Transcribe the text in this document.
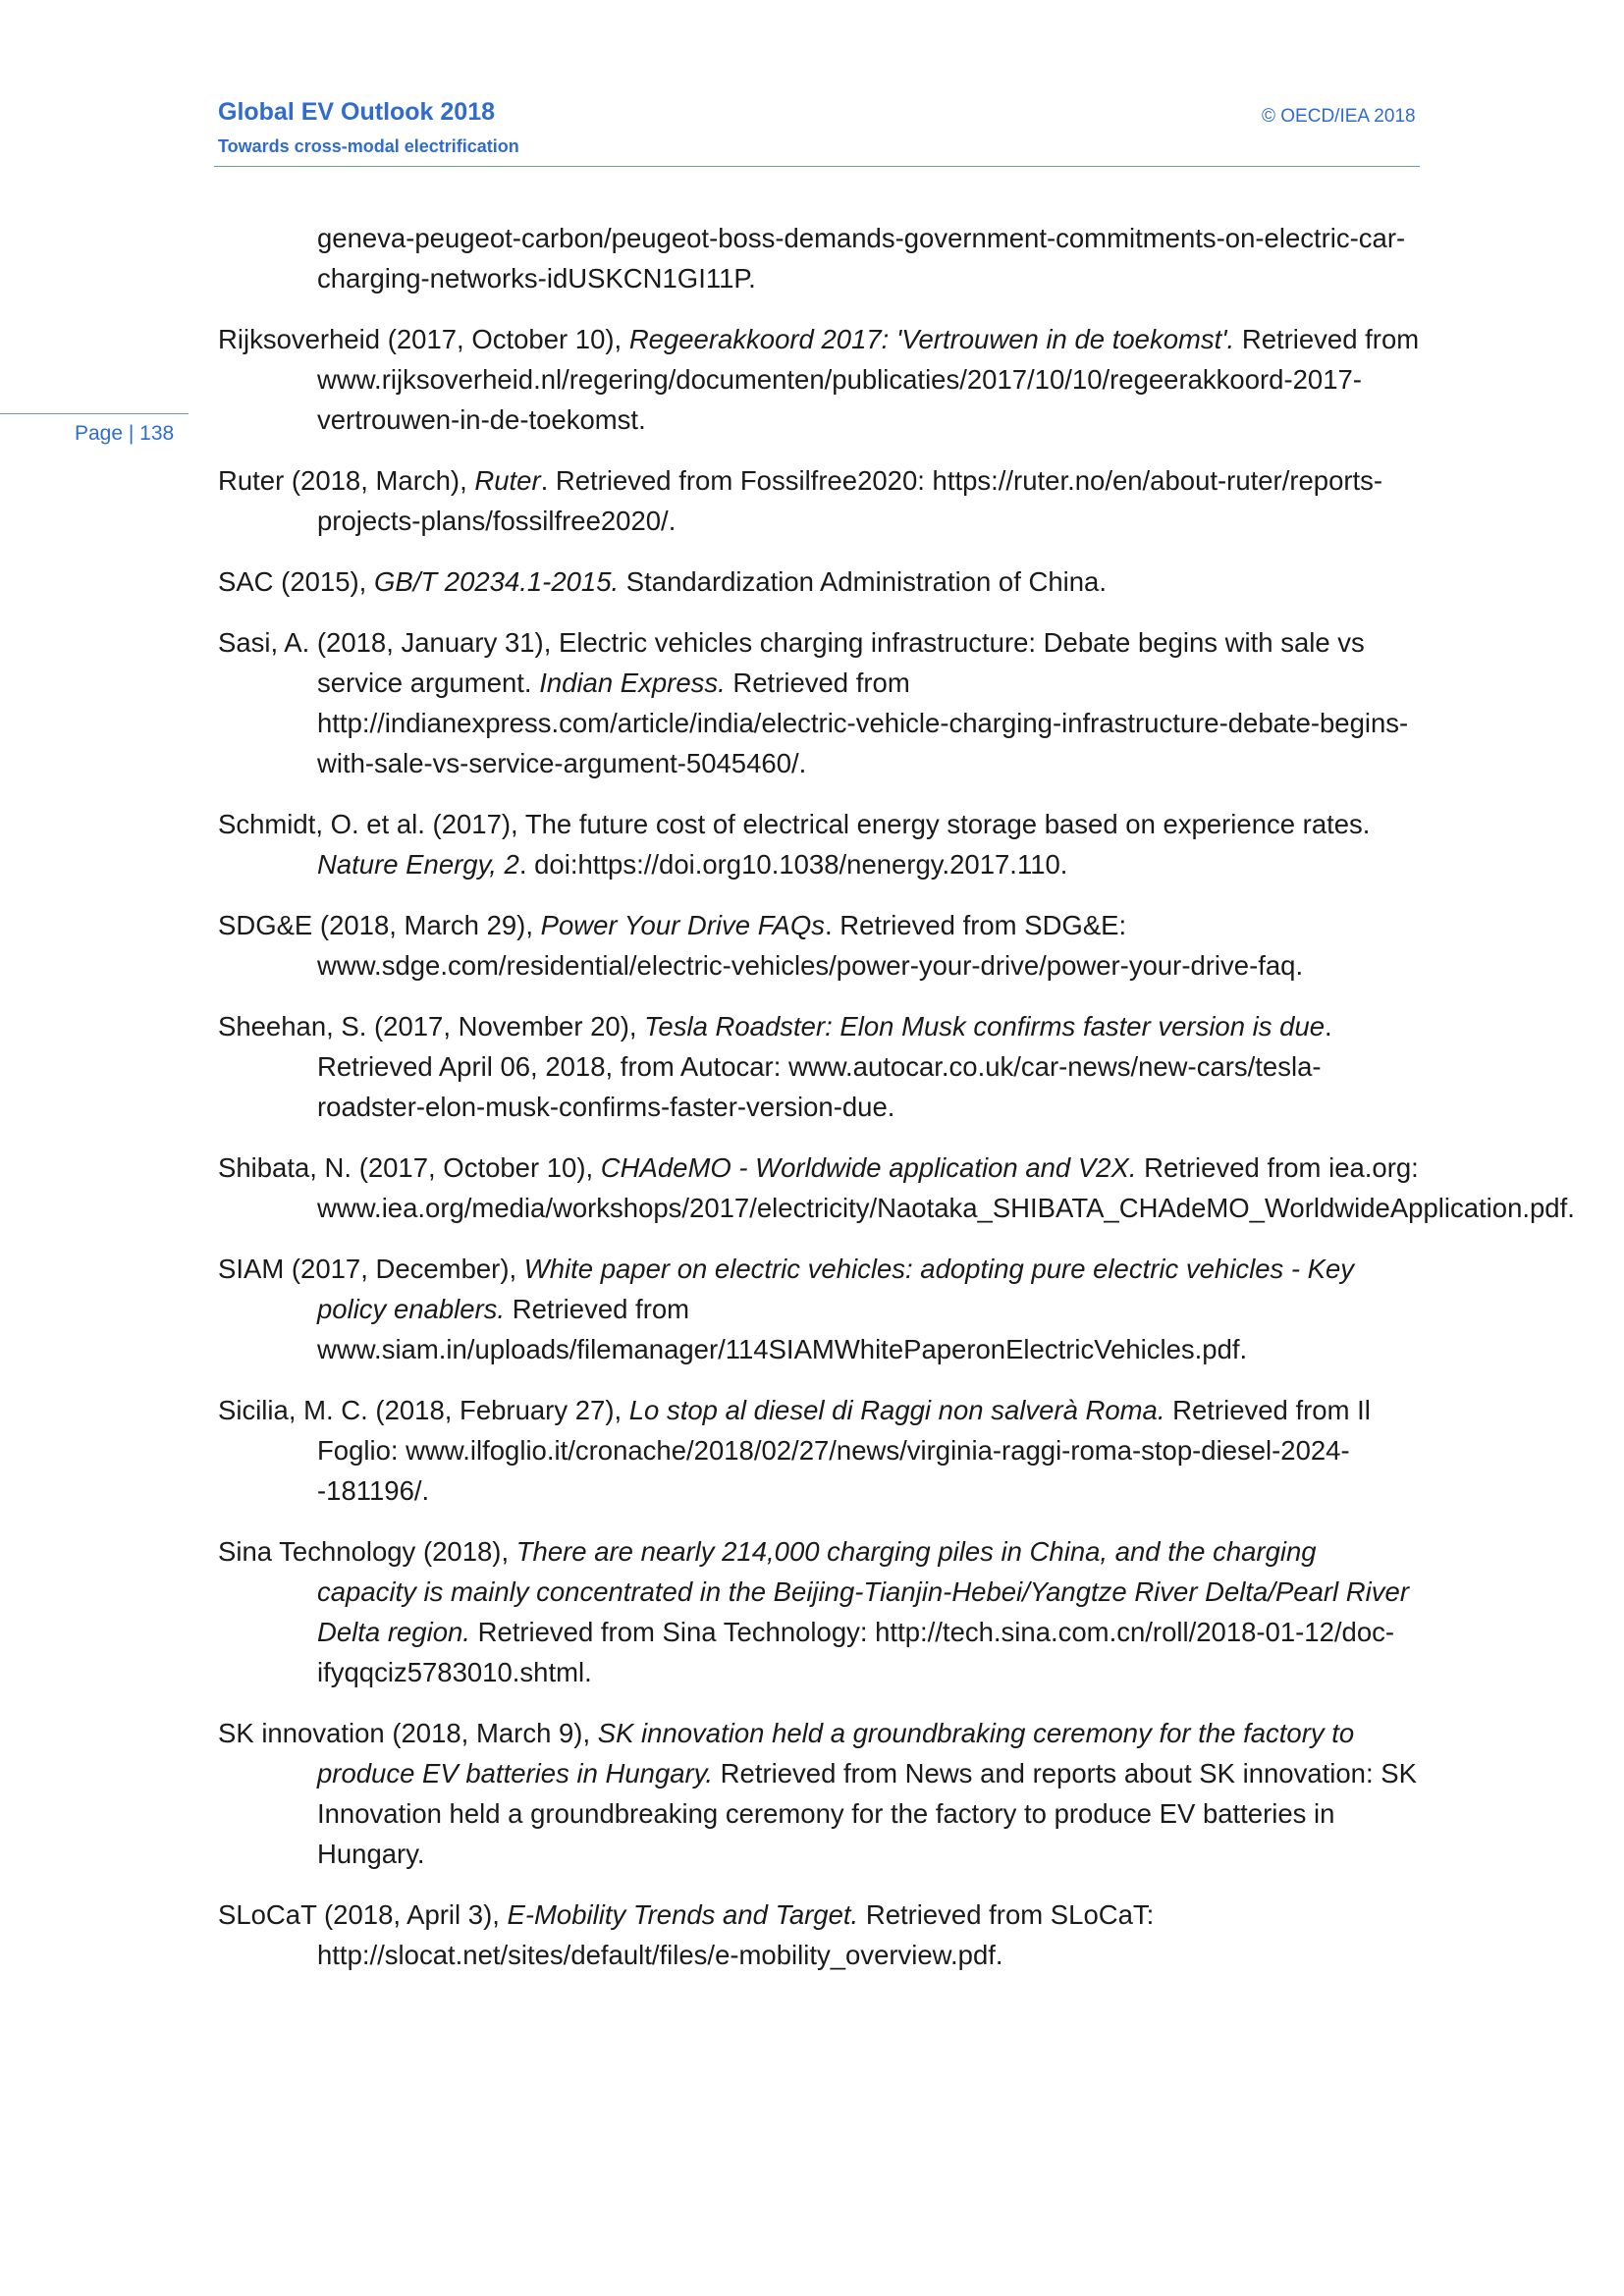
Global EV Outlook 2018
Towards cross-modal electrification
© OECD/IEA 2018
Page | 138

geneva-peugeot-carbon/peugeot-boss-demands-government-commitments-on-electric-car-charging-networks-idUSKCN1GI11P.

Rijksoverheid (2017, October 10), Regeerakkoord 2017: 'Vertrouwen in de toekomst'. Retrieved from www.rijksoverheid.nl/regering/documenten/publicaties/2017/10/10/regeerakkoord-2017-vertrouwen-in-de-toekomst.

Ruter (2018, March), Ruter. Retrieved from Fossilfree2020: https://ruter.no/en/about-ruter/reports-projects-plans/fossilfree2020/.

SAC (2015), GB/T 20234.1-2015. Standardization Administration of China.

Sasi, A. (2018, January 31), Electric vehicles charging infrastructure: Debate begins with sale vs service argument. Indian Express. Retrieved from http://indianexpress.com/article/india/electric-vehicle-charging-infrastructure-debate-begins-with-sale-vs-service-argument-5045460/.

Schmidt, O. et al. (2017), The future cost of electrical energy storage based on experience rates. Nature Energy, 2. doi:https://doi.org10.1038/nenergy.2017.110.

SDG&E (2018, March 29), Power Your Drive FAQs. Retrieved from SDG&E: www.sdge.com/residential/electric-vehicles/power-your-drive/power-your-drive-faq.

Sheehan, S. (2017, November 20), Tesla Roadster: Elon Musk confirms faster version is due. Retrieved April 06, 2018, from Autocar: www.autocar.co.uk/car-news/new-cars/tesla-roadster-elon-musk-confirms-faster-version-due.

Shibata, N. (2017, October 10), CHAdeMO - Worldwide application and V2X. Retrieved from iea.org: www.iea.org/media/workshops/2017/electricity/Naotaka_SHIBATA_CHAdeMO_WorldwideApplication.pdf.

SIAM (2017, December), White paper on electric vehicles: adopting pure electric vehicles - Key policy enablers. Retrieved from www.siam.in/uploads/filemanager/114SIAMWhitePaperonElectricVehicles.pdf.

Sicilia, M. C. (2018, February 27), Lo stop al diesel di Raggi non salverà Roma. Retrieved from Il Foglio: www.ilfoglio.it/cronache/2018/02/27/news/virginia-raggi-roma-stop-diesel-2024--181196/.

Sina Technology (2018), There are nearly 214,000 charging piles in China, and the charging capacity is mainly concentrated in the Beijing-Tianjin-Hebei/Yangtze River Delta/Pearl River Delta region. Retrieved from Sina Technology: http://tech.sina.com.cn/roll/2018-01-12/doc-ifyqqciz5783010.shtml.

SK innovation (2018, March 9), SK innovation held a groundbraking ceremony for the factory to produce EV batteries in Hungary. Retrieved from News and reports about SK innovation: SK Innovation held a groundbreaking ceremony for the factory to produce EV batteries in Hungary.

SLoCaT (2018, April 3), E-Mobility Trends and Target. Retrieved from SLoCaT: http://slocat.net/sites/default/files/e-mobility_overview.pdf.
